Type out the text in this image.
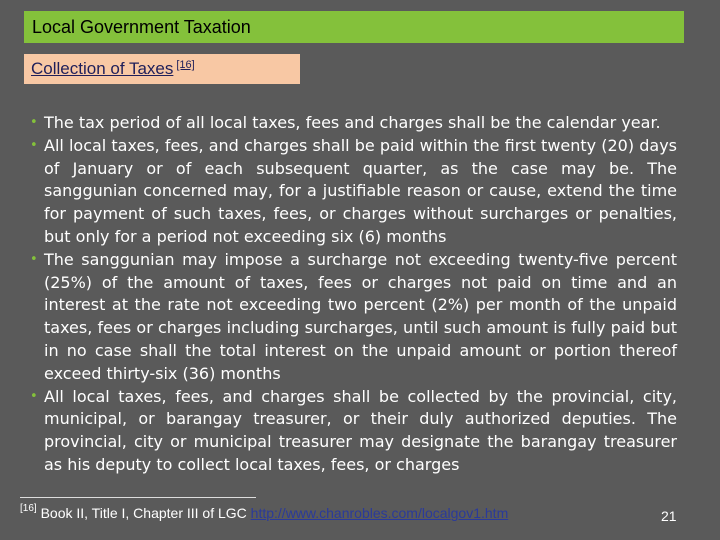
Local Government Taxation
Collection of Taxes [16]
• The tax period of all local taxes, fees and charges shall be the calendar year.
• All local taxes, fees, and charges shall be paid within the first twenty (20) days of January or of each subsequent quarter, as the case may be. The sanggunian concerned may, for a justifiable reason or cause, extend the time for payment of such taxes, fees, or charges without surcharges or penalties, but only for a period not exceeding six (6) months
• The sanggunian may impose a surcharge not exceeding twenty-five percent (25%) of the amount of taxes, fees or charges not paid on time and an interest at the rate not exceeding two percent (2%) per month of the unpaid taxes, fees or charges including surcharges, until such amount is fully paid but in no case shall the total interest on the unpaid amount or portion thereof exceed thirty-six (36) months
• All local taxes, fees, and charges shall be collected by the provincial, city, municipal, or barangay treasurer, or their duly authorized deputies. The provincial, city or municipal treasurer may designate the barangay treasurer as his deputy to collect local taxes, fees, or charges
[16] Book II, Title I, Chapter III of LGC http://www.chanrobles.com/localgov1.htm	21
